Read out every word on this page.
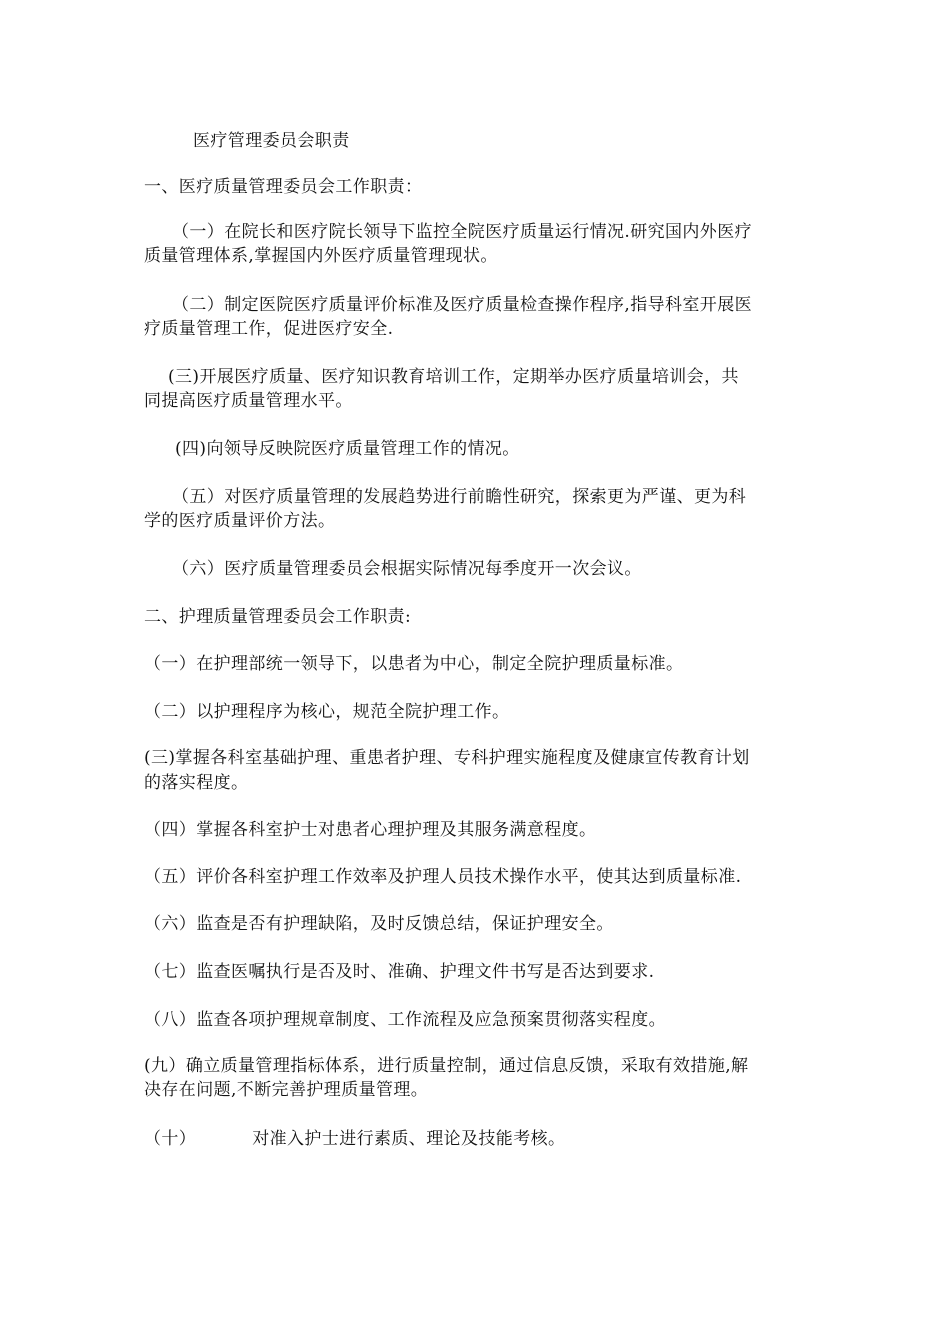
医疗管理委员会职责
一、医疗质量管理委员会工作职责：
（一）在院长和医疗院长领导下监控全院医疗质量运行情况.研究国内外医疗
质量管理体系,掌握国内外医疗质量管理现状。
（二）制定医院医疗质量评价标准及医疗质量检查操作程序,指导科室开展医
疗质量管理工作，促进医疗安全.
(三)开展医疗质量、医疗知识教育培训工作，定期举办医疗质量培训会，共
同提高医疗质量管理水平。
(四)向领导反映院医疗质量管理工作的情况。
（五）对医疗质量管理的发展趋势进行前瞻性研究，探索更为严谨、更为科
学的医疗质量评价方法。
（六）医疗质量管理委员会根据实际情况每季度开一次会议。
二、护理质量管理委员会工作职责:
（一）在护理部统一领导下，以患者为中心，制定全院护理质量标准。
（二）以护理程序为核心，规范全院护理工作。
(三)掌握各科室基础护理、重患者护理、专科护理实施程度及健康宣传教育计划
的落实程度。
（四）掌握各科室护士对患者心理护理及其服务满意程度。
（五）评价各科室护理工作效率及护理人员技术操作水平，使其达到质量标准.
（六）监查是否有护理缺陷，及时反馈总结，保证护理安全。
（七）监查医嘱执行是否及时、准确、护理文件书写是否达到要求.
（八）监查各项护理规章制度、工作流程及应急预案贯彻落实程度。
(九）确立质量管理指标体系，进行质量控制，通过信息反馈，采取有效措施,解
决存在问题,不断完善护理质量管理。
（十）	对准入护士进行素质、理论及技能考核。
